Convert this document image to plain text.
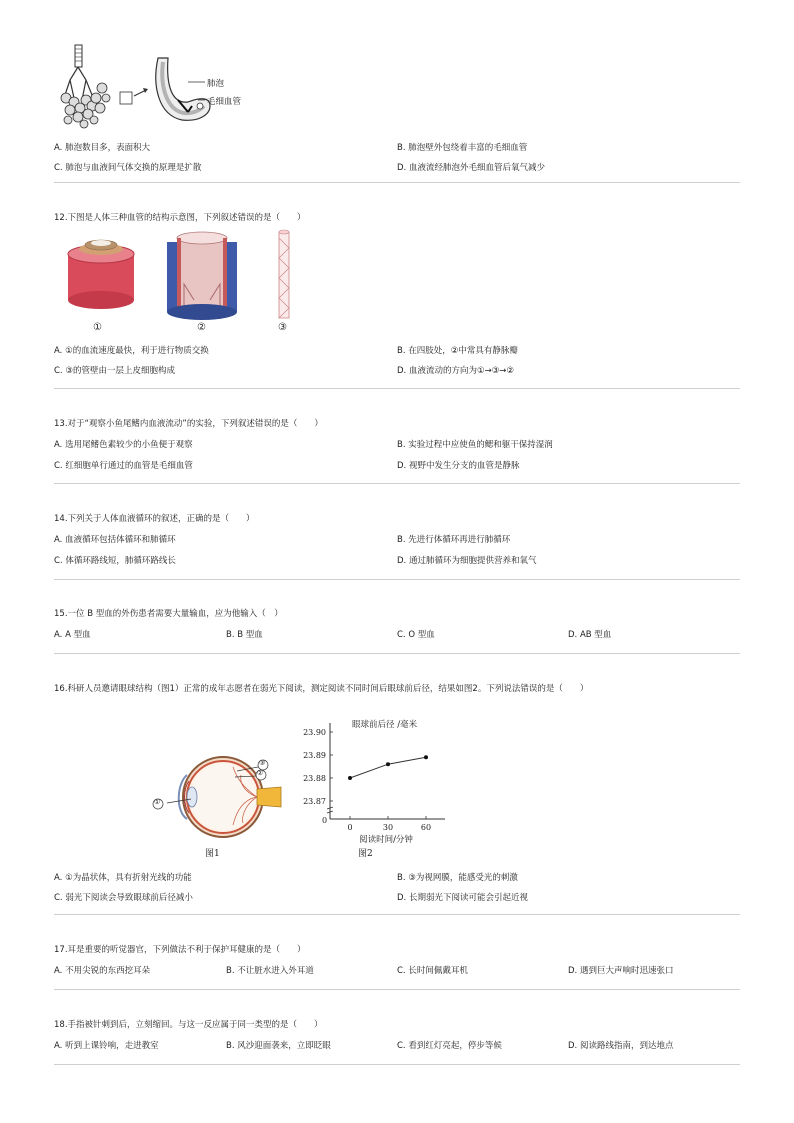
肺泡
毛细血管
A. 肺泡数目多，表面积大	B. 肺泡壁外包绕着丰富的毛细血管
C. 肺泡与血液间气体交换的原理是扩散	D. 血液流经肺泡外毛细血管后氧气减少
12.下图是人体三种血管的结构示意图，下列叙述错误的是（　　）
①	②	③
A. ①的血流速度最快，利于进行物质交换	B. 在四肢处，②中常具有静脉瓣
C. ③的管壁由一层上皮细胞构成	D. 血液流动的方向为①→③→②
13.对于“观察小鱼尾鳍内血液流动”的实验，下列叙述错误的是（　　）
A. 选用尾鳍色素较少的小鱼便于观察	B. 实验过程中应使鱼的鳃和躯干保持湿润
C. 红细胞单行通过的血管是毛细血管	D. 视野中发生分支的血管是静脉
14.下列关于人体血液循环的叙述，正确的是（　　）
A. 血液循环包括体循环和肺循环	B. 先进行体循环再进行肺循环
C. 体循环路线短，肺循环路线长	D. 通过肺循环为细胞提供营养和氧气
15.一位 B 型血的外伤患者需要大量输血，应为他输入（　）
A. A 型血	B. B 型血	C. O 型血	D. AB 型血
16.科研人员邀请眼球结构（图1）正常的成年志愿者在弱光下阅读，测定阅读不同时间后眼球前后径，结果如图2。下列说法错误的是（　　）
①
③
②
图1
0
23.87
23.88
23.89
23.90
0	30	60
眼球前后径 /毫米
阅读时间/分钟
图2
A. ①为晶状体，具有折射光线的功能	B. ③为视网膜，能感受光的刺激
C. 弱光下阅读会导致眼球前后径减小	D. 长期弱光下阅读可能会引起近视
17.耳是重要的听觉器官，下列做法不利于保护耳健康的是（　　）
A. 不用尖锐的东西挖耳朵	B. 不让脏水进入外耳道	C. 长时间佩戴耳机	D. 遇到巨大声响时迅速张口
18.手指被针刺到后，立刻缩回。与这一反应属于同一类型的是（　　）
A. 听到上课铃响，走进教室	B. 风沙迎面袭来，立即眨眼	C. 看到红灯亮起，停步等候	D. 阅读路线指南，到达地点
